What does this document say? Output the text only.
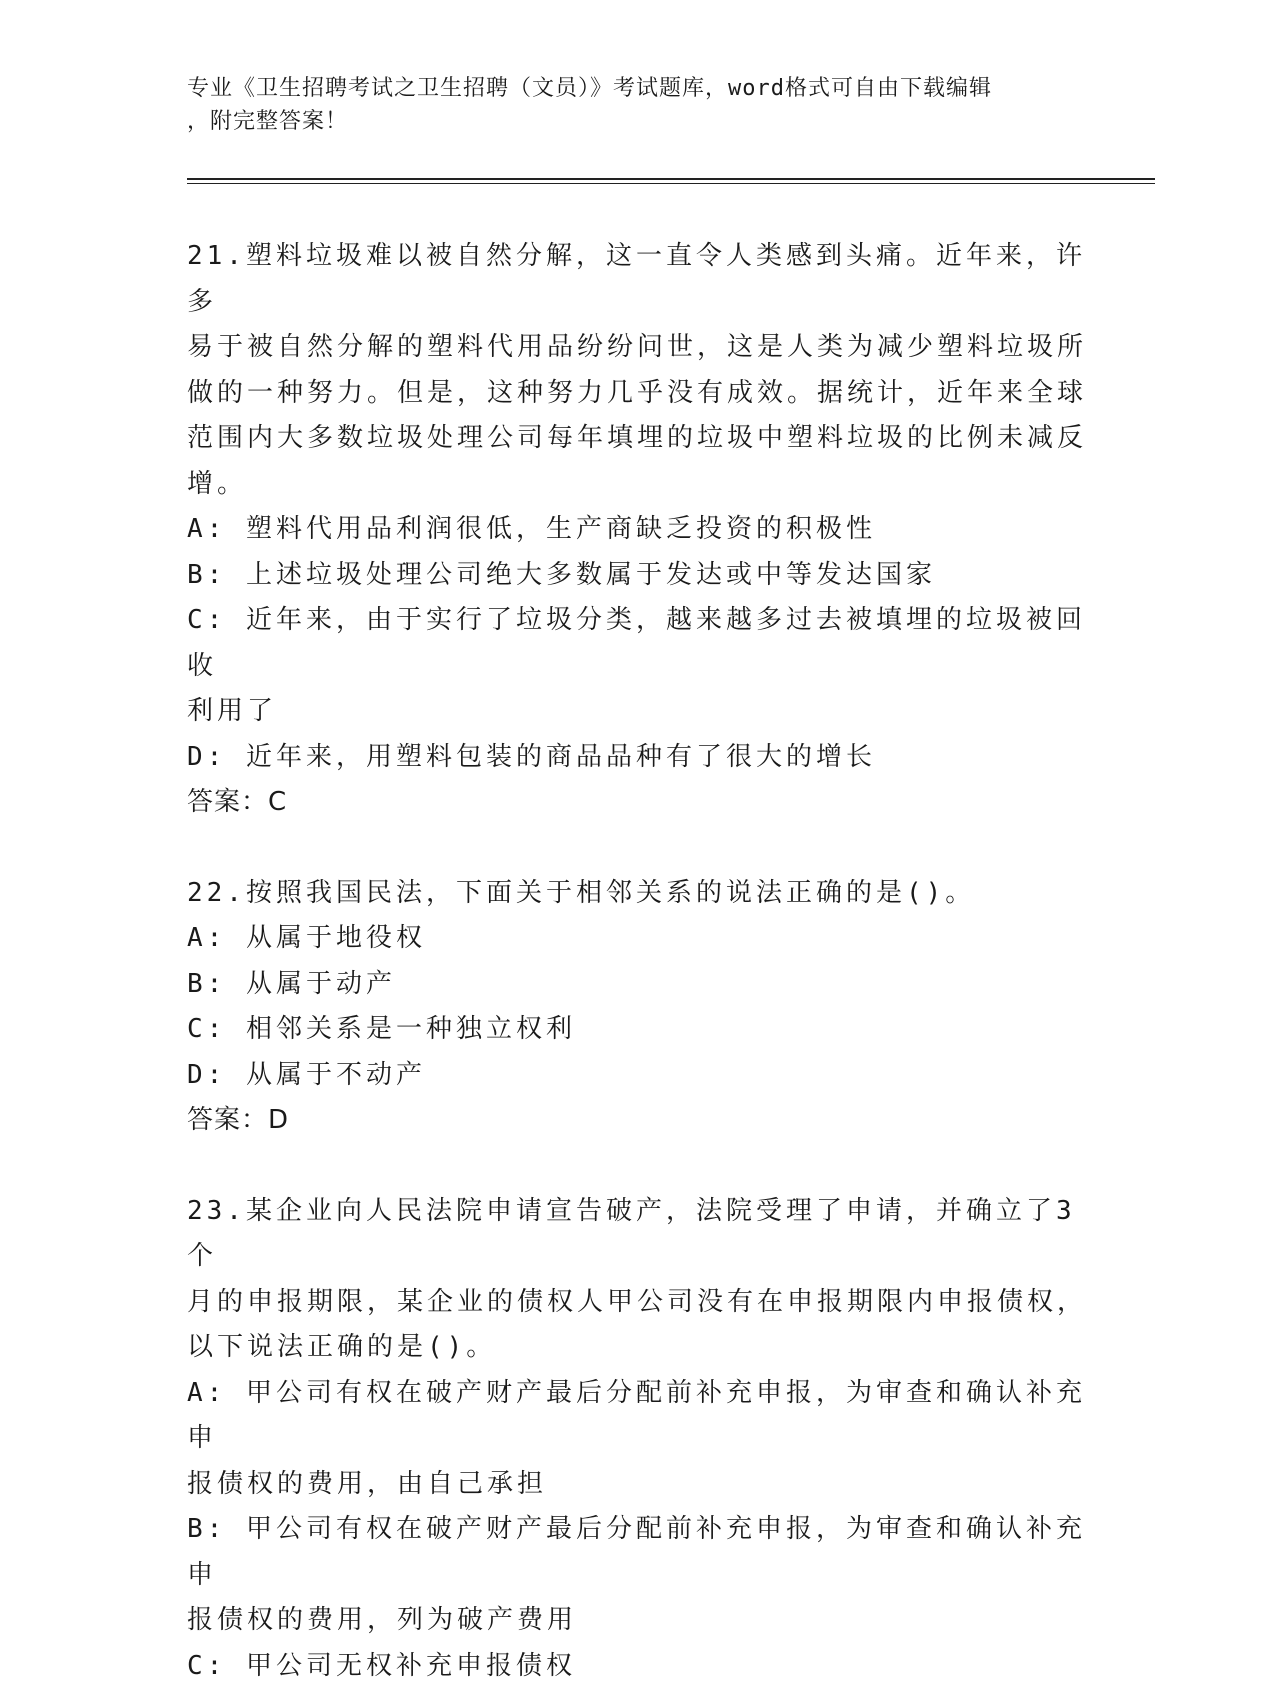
专业《卫生招聘考试之卫生招聘（文员）》考试题库，word格式可自由下载编辑
，附完整答案！

21.塑料垃圾难以被自然分解，这一直令人类感到头痛。近年来，许多

易于被自然分解的塑料代用品纷纷问世，这是人类为减少塑料垃圾所

做的一种努力。但是，这种努力几乎没有成效。据统计，近年来全球

范围内大多数垃圾处理公司每年填埋的垃圾中塑料垃圾的比例未减反

增。

A: 塑料代用品利润很低，生产商缺乏投资的积极性

B: 上述垃圾处理公司绝大多数属于发达或中等发达国家

C: 近年来，由于实行了垃圾分类，越来越多过去被填埋的垃圾被回收

利用了

D: 近年来，用塑料包装的商品品种有了很大的增长

答案：C

22.按照我国民法，下面关于相邻关系的说法正确的是()。

A: 从属于地役权

B: 从属于动产

C: 相邻关系是一种独立权利

D: 从属于不动产

答案：D

23.某企业向人民法院申请宣告破产，法院受理了申请，并确立了3个

月的申报期限，某企业的债权人甲公司没有在申报期限内申报债权，

以下说法正确的是()。

A: 甲公司有权在破产财产最后分配前补充申报，为审查和确认补充申

报债权的费用，由自己承担

B: 甲公司有权在破产财产最后分配前补充申报，为审查和确认补充申

报债权的费用，列为破产费用

C: 甲公司无权补充申报债权
